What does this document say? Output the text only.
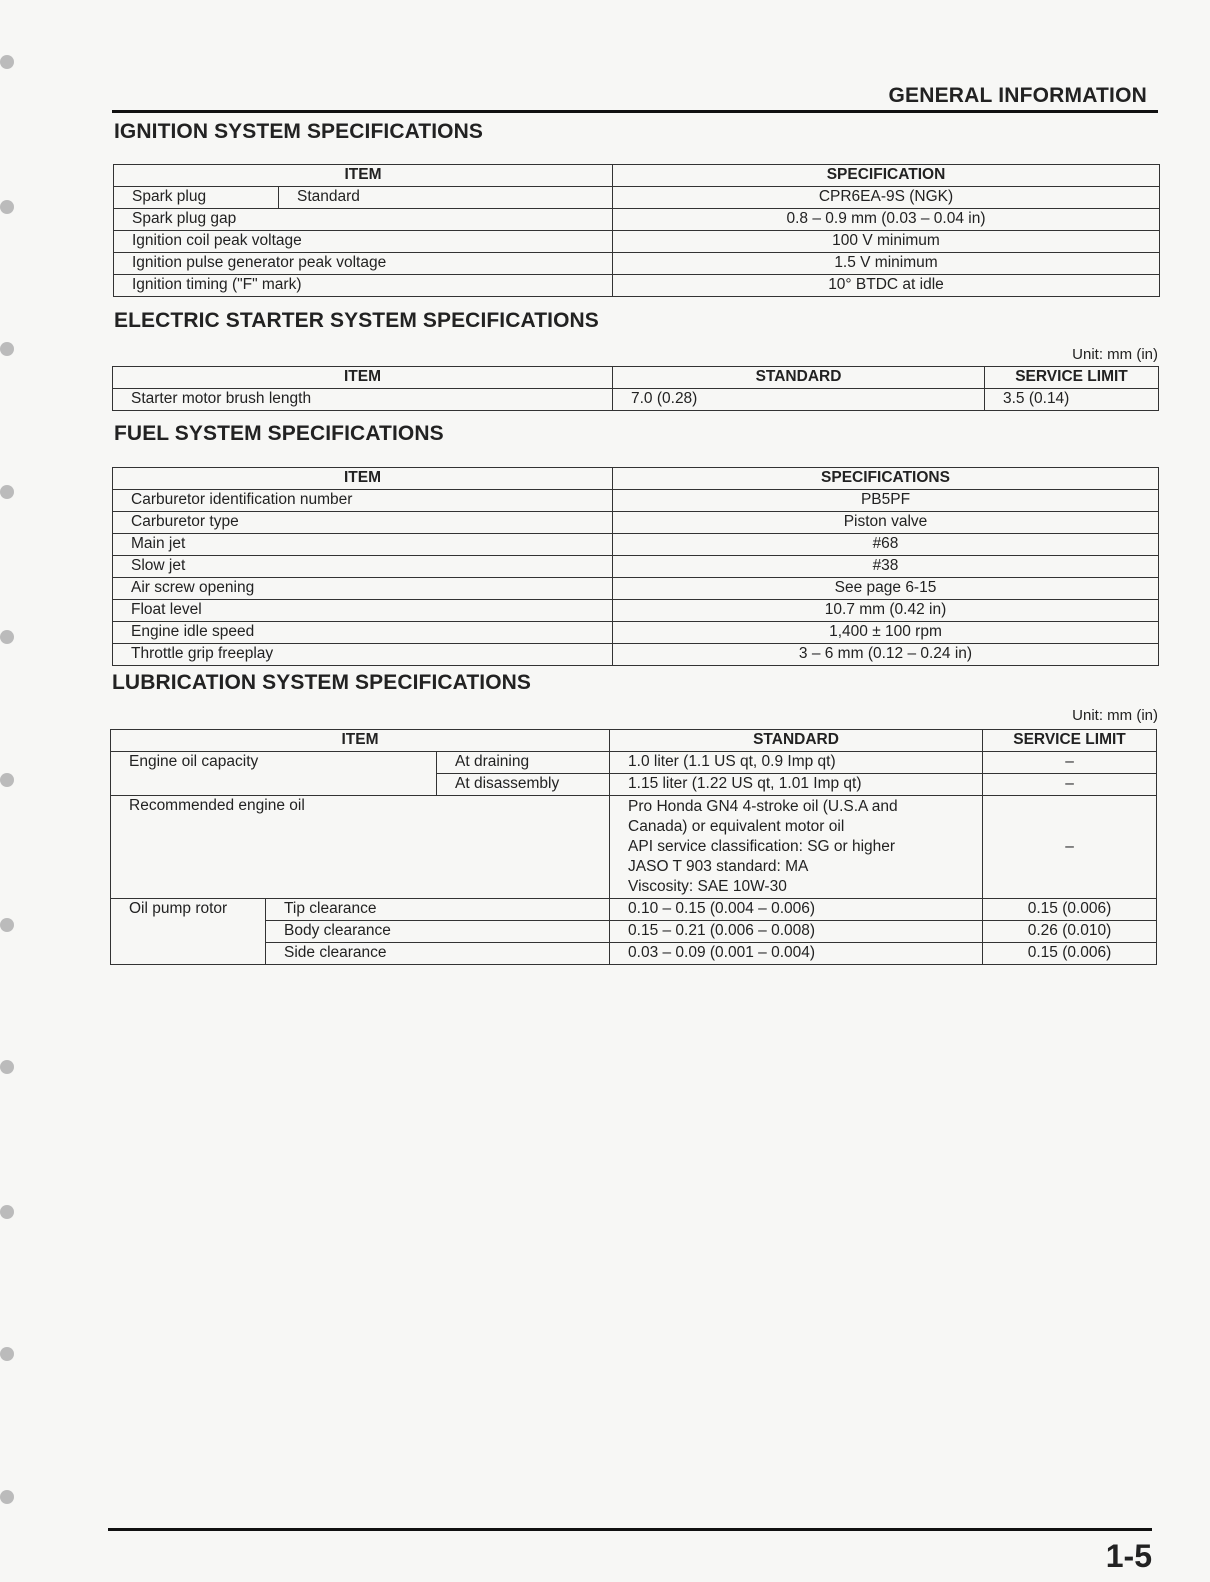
GENERAL INFORMATION
IGNITION SYSTEM SPECIFICATIONS
ITEM		SPECIFICATION
Spark plug	Standard	CPR6EA-9S (NGK)
Spark plug gap		0.8 – 0.9 mm (0.03 – 0.04 in)
Ignition coil peak voltage		100 V minimum
Ignition pulse generator peak voltage		1.5 V minimum
Ignition timing ("F" mark)		10° BTDC at idle
ELECTRIC STARTER SYSTEM SPECIFICATIONS
Unit: mm (in)
ITEM	STANDARD	SERVICE LIMIT
Starter motor brush length	7.0 (0.28)	3.5 (0.14)
FUEL SYSTEM SPECIFICATIONS
ITEM	SPECIFICATIONS
Carburetor identification number	PB5PF
Carburetor type	Piston valve
Main jet	#68
Slow jet	#38
Air screw opening	See page 6-15
Float level	10.7 mm (0.42 in)
Engine idle speed	1,400 ± 100 rpm
Throttle grip freeplay	3 – 6 mm (0.12 – 0.24 in)
LUBRICATION SYSTEM SPECIFICATIONS
Unit: mm (in)
ITEM			STANDARD	SERVICE LIMIT
Engine oil capacity		At draining	1.0 liter (1.1 US qt, 0.9 Imp qt)	–
		At disassembly	1.15 liter (1.22 US qt, 1.01 Imp qt)	–
Recommended engine oil			Pro Honda GN4 4-stroke oil (U.S.A and
Canada) or equivalent motor oil
API service classification: SG or higher
JASO T 903 standard: MA
Viscosity: SAE 10W-30	–
Oil pump rotor	Tip clearance		0.10 – 0.15 (0.004 – 0.006)	0.15 (0.006)
	Body clearance		0.15 – 0.21 (0.006 – 0.008)	0.26 (0.010)
	Side clearance		0.03 – 0.09 (0.001 – 0.004)	0.15 (0.006)
1-5
